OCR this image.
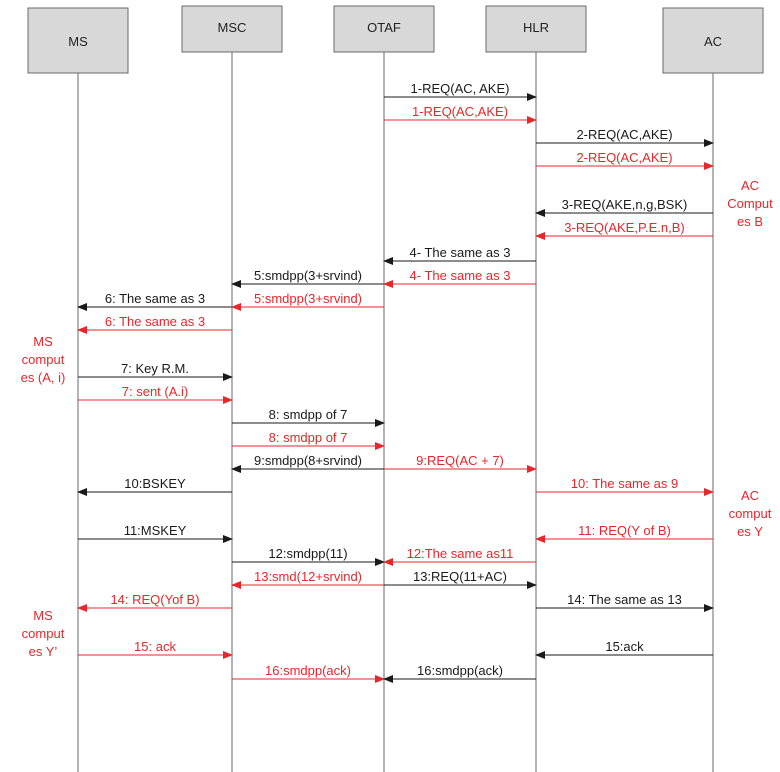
MS
MSC	OTAF	HLR
AC
1-REQ(AC, AKE)
1-REQ(AC,AKE)
2-REQ(AC,AKE)
2-REQ(AC,AKE)
3-REQ(AKE,n,g,BSK)
3-REQ(AKE,P.E.n,B)
4- The same as 3
5:smdpp(3+srvind)	4- The same as 3
6: The same as 3	5:smdpp(3+srvind)
6: The same as 3
7: Key R.M.
7: sent (A.i)
8: smdpp of 7
8: smdpp of 7
9:smdpp(8+srvind)	9:REQ(AC + 7)
10:BSKEY	10: The same as 9
11:MSKEY	11: REQ(Y of B)
12:smdpp(11)	12:The same as11
13:smd(12+srvind)	13:REQ(11+AC)
14: REQ(Yof B)	14: The same as 13
15: ack	15:ack
16:smdpp(ack)	16:smdpp(ack)
AC
Comput
es B
MS
comput
es (A, i)
AC
comput
es Y
MS
comput
es Y’
